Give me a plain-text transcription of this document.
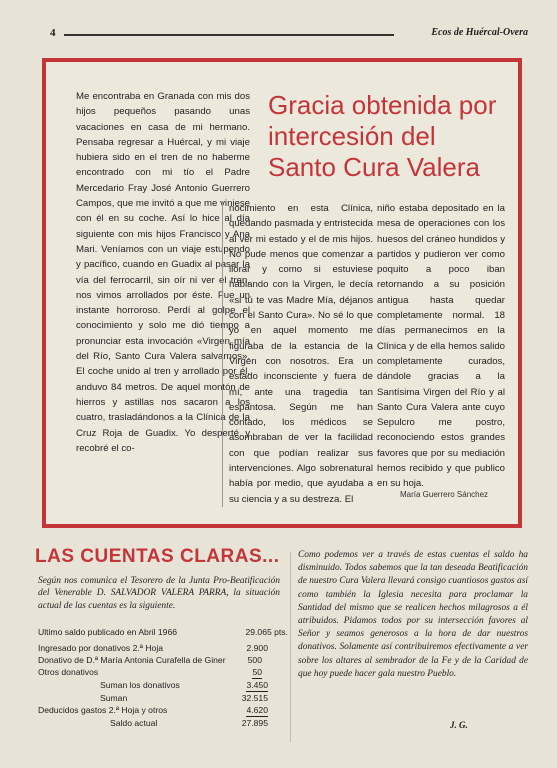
4	Ecos de Huércal-Overa
Gracia obtenida por intercesión del Santo Cura Valera
Me encontraba en Granada con mis dos hijos pequeños pasando unas vacaciones en casa de mi hermano. Pensaba regresar a Huércal, y mi viaje hubiera sido en el tren de no haberme encontrado con mi tío el Padre Mercedario Fray José Antonio Guerrero Campos, que me invitó a que me viniese con él en su coche. Así lo hice al día siguiente con mis hijos Francisco y Ana Mari. Veníamos con un viaje estupendo y pacífico, cuando en Guadix al pasar la vía del ferrocarril, sin oír ni ver el tren, nos vimos arrollados por éste. Fue un instante horroroso. Perdí al golpe el conocimiento y solo me dió tiempo a pronunciar esta invocación «Virgen mía del Río, Santo Cura Valera salvarnos». El coche unido al tren y arrollado por él, anduvo 84 metros. De aquel montón de hierros y astillas nos sacaron a los cuatro, trasladándonos a la Clínica de la Cruz Roja de Guadix. Yo desperté y recobré el co-
nocimiento en esta Clínica, quedando pasmada y entristecida al ver mi estado y el de mis hijos. No pude menos que comenzar a llorar y como si estuviese hablando con la Virgen, le decía «si tú te vas Madre Mía, déjanos con el Santo Cura». No sé lo que yo en aquel momento me figuraba de la estancia de la Virgen con nosotros. Era un estado inconsciente y fuera de mí, ante una tragedia tan espantosa. Según me han contado, los médicos se asombraban de ver la facilidad con que podían realizar sus intervenciones. Algo sobrenatural había por medio, que ayudaba a su ciencia y a su destreza. El
niño estaba depositado en la mesa de operaciones con los huesos del cráneo hundidos y partidos y pudieron ver como poquito a poco iban retornando a su posición antigua hasta quedar completamente normal. 18 días permanecimos en la Clínica y de ella hemos salido completamente curados, dándole gracias a la Santísima Virgen del Río y al Santo Cura Valera ante cuyo Sepulcro me postro, reconociendo estos grandes favores que por su mediación hemos recibido y que publico en su hoja.
María Guerrero Sánchez
LAS CUENTAS CLARAS...
Según nos comunica el Tesorero de la Junta Pro-Beatificación del Venerable D. SALVADOR VALERA PARRA, la situación actual de las cuentas es la siguiente.
Ultimo saldo publicado en Abril 1966	29.065 pts.
Ingresado por donativos 2.ª Hoja	2.900
Donativo de D.ª María Antonia Curafella de Giner	500
Otros donativos	50
Suman los donativos	3.450
Suman	32.515
Deducidos gastos 2.ª Hoja y otros	4.620
Saldo actual	27.895
Como podemos ver a través de estas cuentas el saldo ha disminuido. Todos sabemos que la tan deseada Beatificación de nuestro Cura Valera llevará consigo cuantiosos gastos así como también la Iglesia necesita para proclamar la Santidad del mismo que se realicen hechos milagrosos a él atribuidos. Pidamos todos por su intersección favores al Señor y seamos generosos a la hora de dar nuestros donativos. Solamente así contribuiremos efectivamente a ver sobre los altares al sembrador de la Fe y de la Caridad de que hoy puede hacer gala nuestro Pueblo.
J. G.
